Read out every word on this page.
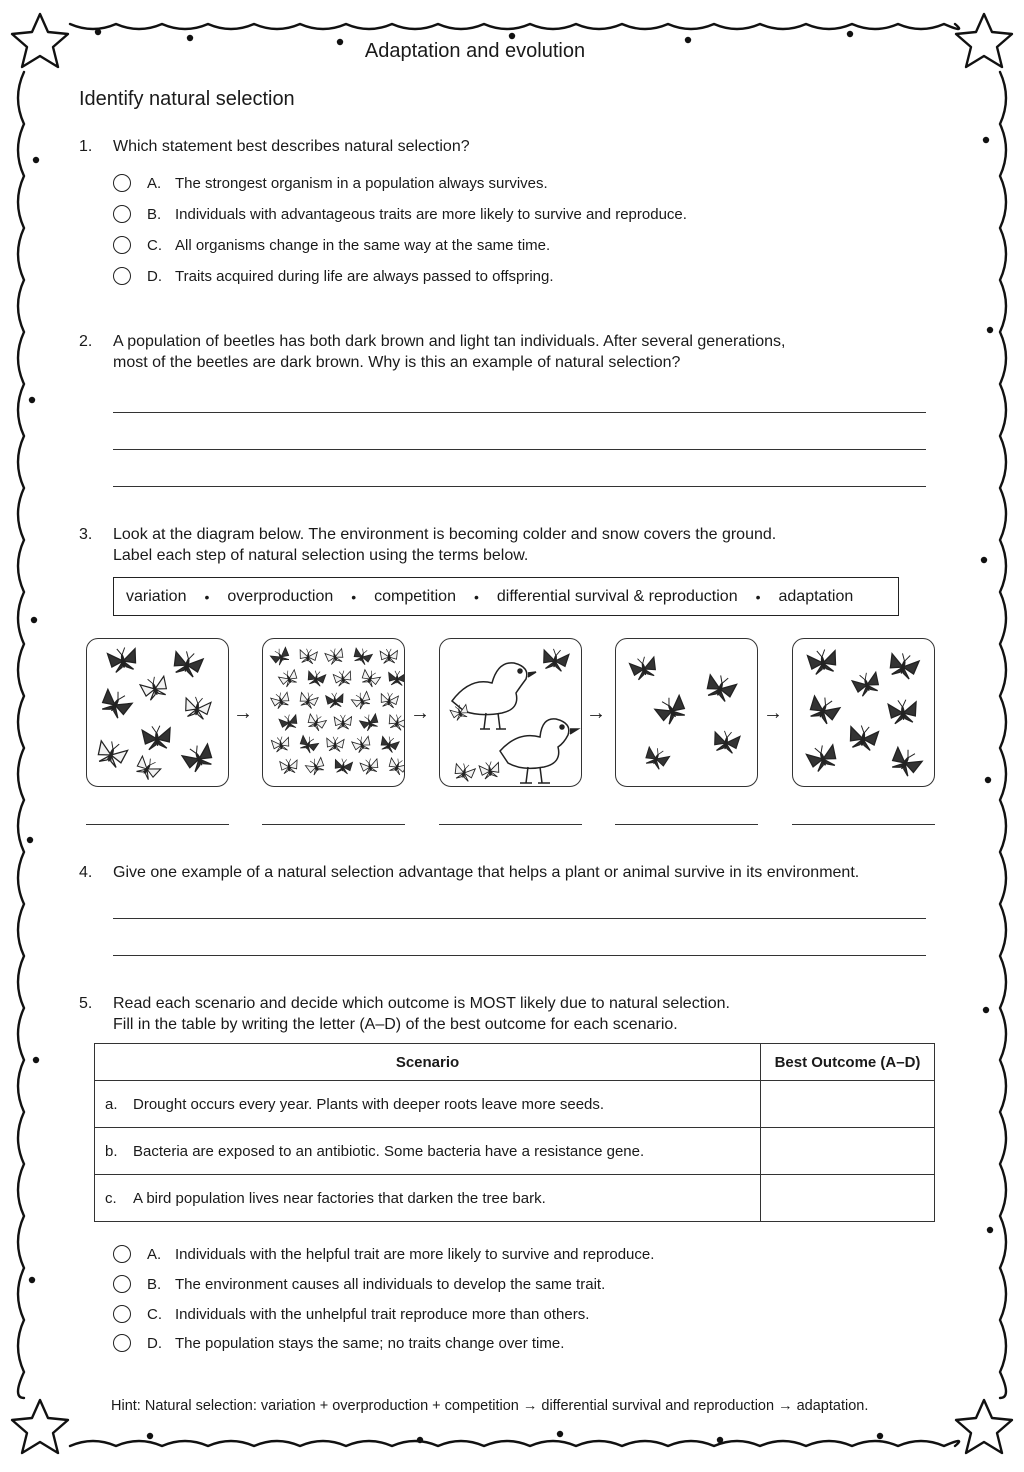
Adaptation and evolution
Identify natural selection
1. Which statement best describes natural selection?
A. The strongest organism in a population always survives.
B. Individuals with advantageous traits are more likely to survive and reproduce.
C. All organisms change in the same way at the same time.
D. Traits acquired during life are always passed to offspring.
2. A population of beetles has both dark brown and light tan individuals. After several generations,
most of the beetles are dark brown. Why is this an example of natural selection?
3. Look at the diagram below. The environment is becoming colder and snow covers the ground.
Label each step of natural selection using the terms below.
variation • overproduction • competition • differential survival & reproduction • adaptation
→	→	→	→
4. Give one example of a natural selection advantage that helps a plant or animal survive in its environment.
5. Read each scenario and decide which outcome is MOST likely due to natural selection.
Fill in the table by writing the letter (A–D) of the best outcome for each scenario.
Scenario	Best Outcome (A–D)
a. Drought occurs every year. Plants with deeper roots leave more seeds.	
b. Bacteria are exposed to an antibiotic. Some bacteria have a resistance gene.	
c. A bird population lives near factories that darken the tree bark.	
A. Individuals with the helpful trait are more likely to survive and reproduce.
B. The environment causes all individuals to develop the same trait.
C. Individuals with the unhelpful trait reproduce more than others.
D. The population stays the same; no traits change over time.
Hint: Natural selection: variation + overproduction + competition → differential survival and reproduction → adaptation.
